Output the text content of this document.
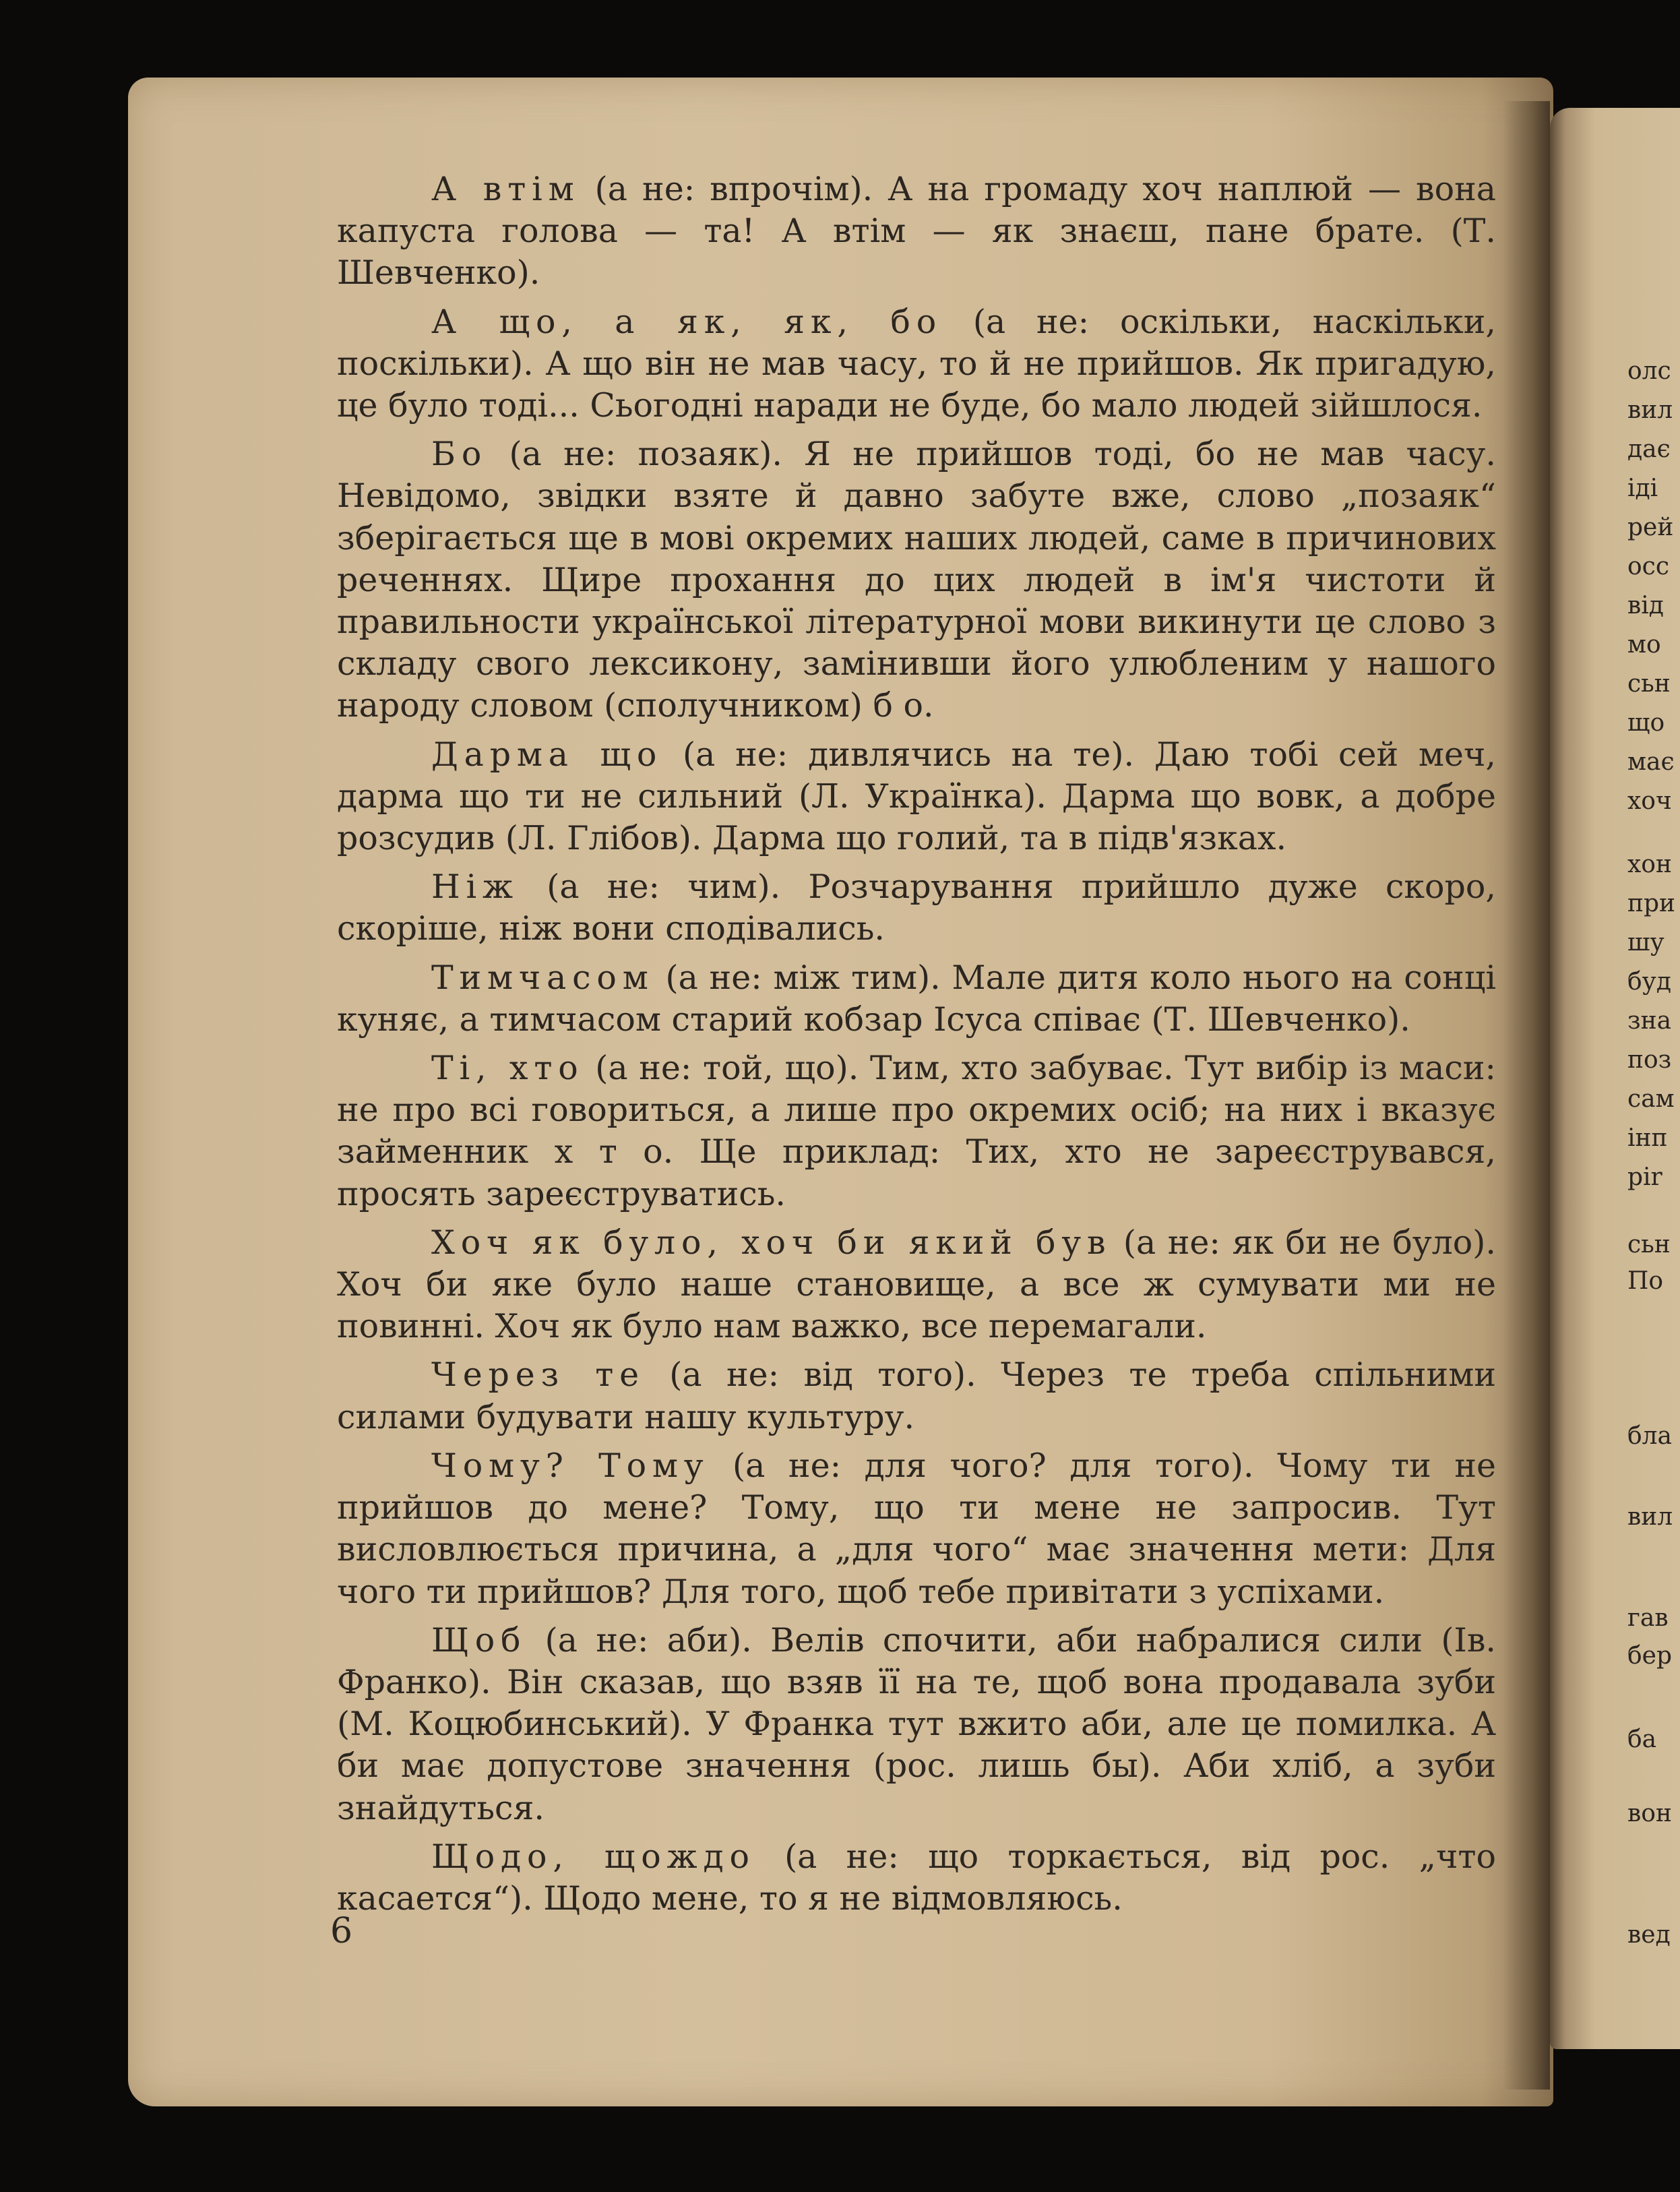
олс
вил
дає
іді
рей
осс
від
мо
сьн
що
має
хоч
хон
при
шу
буд
зна
поз
сам
інп
pir
сьн
По
бла
вил
гав
бер
ба
вон
вед

А втім (а не: впрочім). А на громаду хоч наплюй — вона капуста голова — та! А втім — як знаєш, пане брате. (Т. Шевченко).

А що, а як, як, бо (а не: оскільки, наскільки, поскільки). А що він не мав часу, то й не прийшов. Як пригадую, це було тоді... Сьогодні наради не буде, бо мало людей зійшлося.

Бо (а не: позаяк). Я не прийшов тоді, бо не мав часу. Невідомо, звідки взяте й давно забуте вже, слово „позаяк“ зберігається ще в мові окремих наших людей, саме в причинових реченнях. Щире прохання до цих людей в ім'я чистоти й правильности української літературної мови викинути це слово з складу свого лексикону, замінивши його улюбленим у нашого народу словом (сполучником) б о.

Дарма що (а не: дивлячись на те). Даю тобі сей меч, дарма що ти не сильний (Л. Українка). Дарма що вовк, а добре розсудив (Л. Глібов). Дарма що голий, та в підв'язках.

Ніж (а не: чим). Розчарування прийшло дуже скоро, скоріше, ніж вони сподівались.

Тимчасом (а не: між тим). Мале дитя коло нього на сонці куняє, а тимчасом старий кобзар Ісуса співає (Т. Шевченко).

Ті, хто (а не: той, що). Тим, хто забуває. Тут вибір із маси: не про всі говориться, а лише про окремих осіб; на них і вказує займенник х т о. Ще приклад: Тих, хто не зареєструвався, просять зареєструватись.

Хоч як було, хоч би який був (а не: як би не було). Хоч би яке було наше становище, а все ж сумувати ми не повинні. Хоч як було нам важко, все перемагали.

Через те (а не: від того). Через те треба спільними силами будувати нашу культуру.

Чому? Тому (а не: для чого? для того). Чому ти не прийшов до мене? Тому, що ти мене не запросив. Тут висловлюється причина, а „для чого“ має значення мети: Для чого ти прийшов? Для того, щоб тебе привітати з успіхами.

Щоб (а не: аби). Велів спочити, аби набралися сили (Ів. Франко). Він сказав, що взяв її на те, щоб вона продавала зуби (М. Коцюбинський). У Франка тут вжито аби, але це помилка. А би має допустове значення (рос. лишь бы). Аби хліб, а зуби знайдуться.

Щодо, щождо (а не: що торкається, від рос. „что касается“). Щодо мене, то я не відмовляюсь.

6
